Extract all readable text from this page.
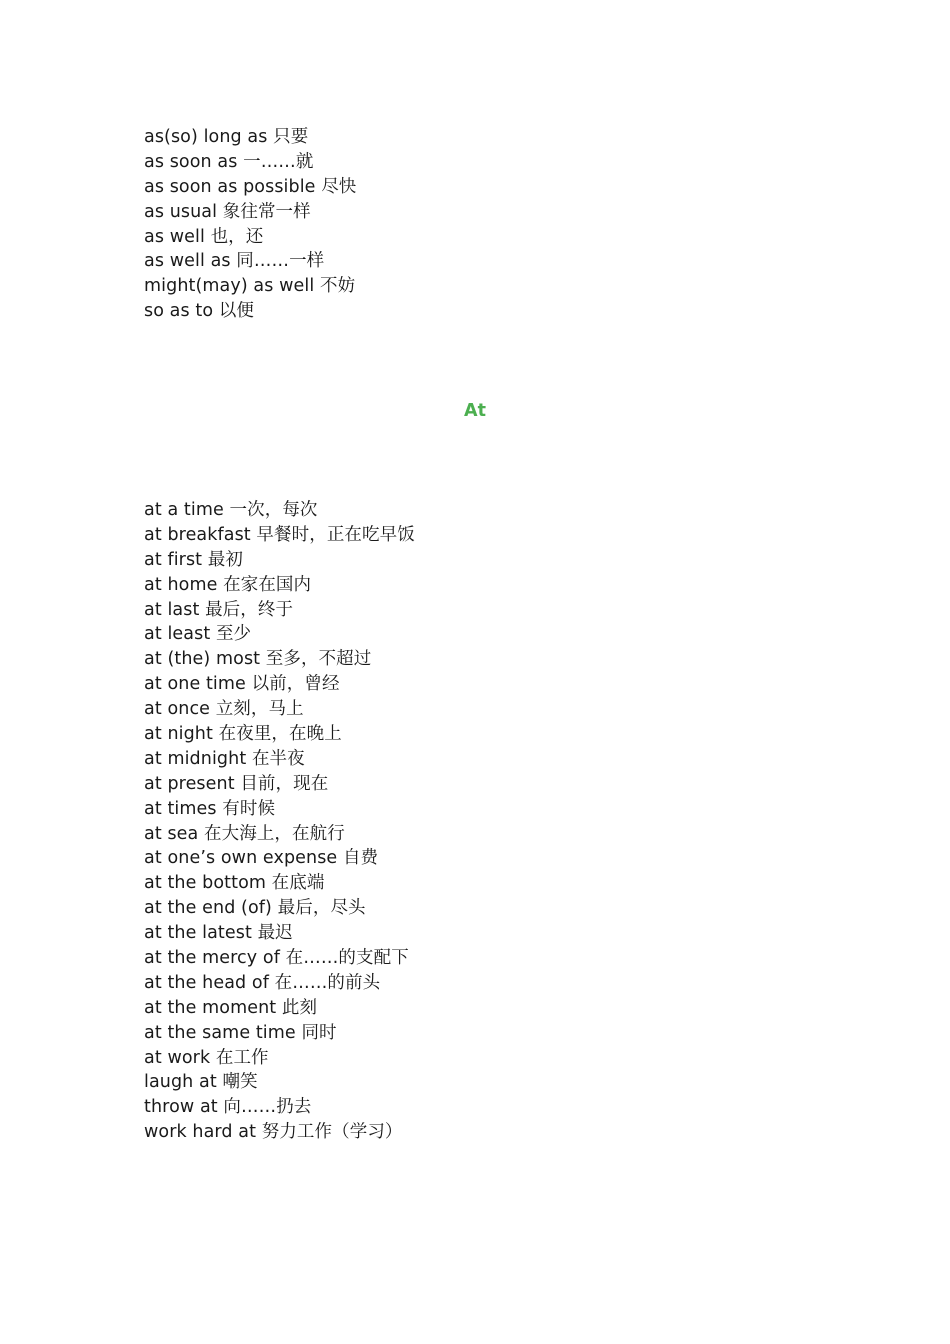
as(so) long as 只要
as soon as 一……就
as soon as possible 尽快
as usual 象往常一样
as well 也，还
as well as 同……一样
might(may) as well 不妨
so as to 以便
At
at a time 一次，每次
at breakfast 早餐时，正在吃早饭
at first 最初
at home 在家在国内
at last 最后，终于
at least 至少
at (the) most 至多，不超过
at one time 以前，曾经
at once 立刻，马上
at night 在夜里，在晚上
at midnight 在半夜
at present 目前，现在
at times 有时候
at sea 在大海上，在航行
at one’s own expense 自费
at the bottom 在底端
at the end (of) 最后，尽头
at the latest 最迟
at the mercy of 在……的支配下
at the head of 在……的前头
at the moment 此刻
at the same time 同时
at work 在工作
laugh at 嘲笑
throw at 向……扔去
work hard at 努力工作（学习）
